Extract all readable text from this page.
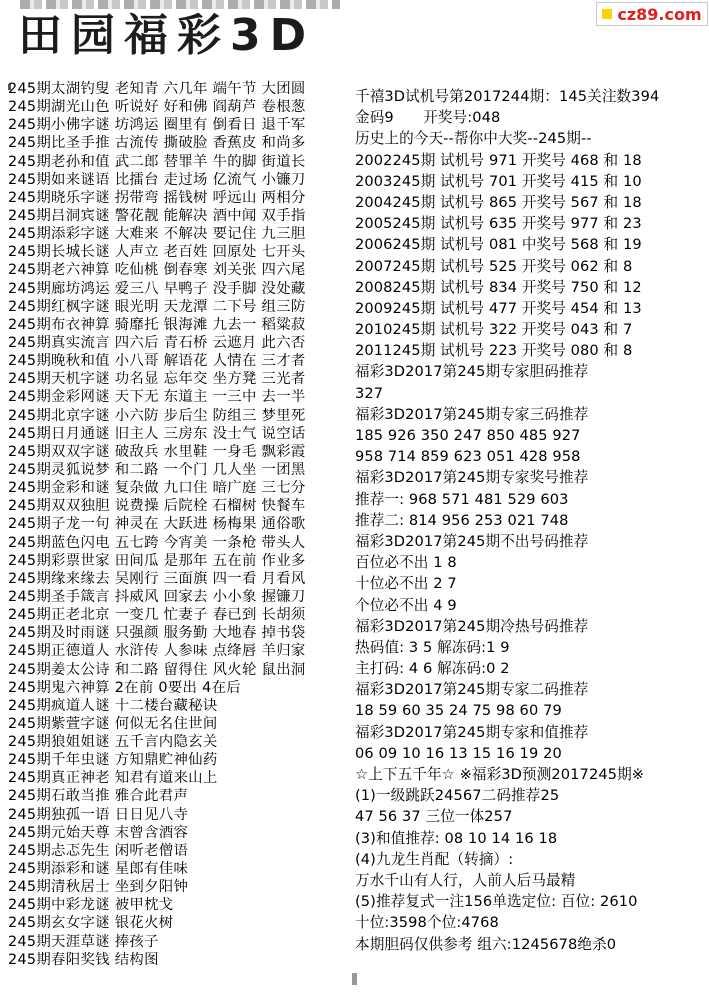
田园福彩3D	cz89.com
245期太湖钓叟 老知青 六几年 端午节 大团圆
245期湖光山色 听说好 好和佛 阎葫芦 卷根葱
245期小佛字谜 坊鸿运 圈里有 倒看日 退千军
245期比圣手推 古流传 撕破脸 香蕉皮 和尚多
245期老孙和值 武二郎 替罪羊 牛的脚 街道长
245期如来谜语 比擂台 走过场 亿流气 小镰刀
245期晓乐字谜 拐带弯 摇钱树 呼远山 两相分
245期吕洞宾谜 警花靓 能解决 酒中闻 双手指
245期添彩字谜 大难来 不解决 要记住 九三胆
245期长城长谜 人声立 老百姓 回原处 七开头
245期老六神算 吃仙桃 倒春寒 刘关张 四六尾
245期廊坊鸿运 爱三八 早鸭子 没手脚 没处藏
245期红枫字谜 眼光明 天龙潭 二下号 组三防
245期布衣神算 骑靡托 银海滩 九去一 稻粱菽
245期真实流言 四六后 青石桥 云遮月 此六否
245期晚秋和值 小八哥 解语花 人情在 三才者
245期天机字谜 功名显 忘年交 坐方凳 三光者
245期金彩网谜 天下无 东道主 一三中 去一半
245期北京字谜 小六防 步后尘 防组三 梦里死
245期日月通谜 旧主人 三房东 没士气 说空话
245期双双字谜 破敌兵 水里鞋 一身毛 飘彩霞
245期灵狐说梦 和二路 一个门 几人坐 一团黑
245期金彩和谜 复杂做 九口住 暗广庭 三七分
245期双双独胆 说费操 后院栓 石榴树 快餐车
245期子龙一句 神灵在 大跃进 杨梅果 通俗歌
245期蓝色闪电 五七跨 今宵美 一条枪 带头人
245期彩票世家 田间瓜 是那年 五在前 作业多
245期缘来缘去 吴刚行 三面旗 四一看 月看风
245期圣手箴言 抖威风 回家去 小小象 握镰刀
245期正老北京 一变几 忙妻子 春已到 长胡须
245期及时雨谜 只强颜 服务勤 大地春 掉书袋
245期正德道人 水浒传 人参味 点绛唇 羊归家
245期姜太公诗 和二路 留得住 风火轮 鼠出洞
245期鬼六神算 2在前 0要出 4在后
245期疯道人谜 十二楼台藏秘诀
245期紫萱字谜 何似无名住世间
245期狼姐姐谜 五千言内隐玄关
245期千年虫谜 方知鼎贮神仙药
245期真正神老 知君有道来山上
245期石敢当推 雅合此君声
245期独孤一语 日日见八寺
245期元始天尊 末曾含酒容
245期忐忑先生 闲听老僧语
245期添彩和谜 星郎有佳味
245期清秋居士 坐到夕阳钟
245期中彩龙谜 被甲枕戈
245期玄女字谜 银花火树
245期天涯草谜 捧孩子
245期春阳奖钱 结构图
千禧3D试机号第2017244期：145关注数394
金码9　　开奖号:048
历史上的今天--帮你中大奖--245期--
2002245期 试机号 971 开奖号 468 和 18
2003245期 试机号 701 开奖号 415 和 10
2004245期 试机号 865 开奖号 567 和 18
2005245期 试机号 635 开奖号 977 和 23
2006245期 试机号 081 中奖号 568 和 19
2007245期 试机号 525 开奖号 062 和 8
2008245期 试机号 834 开奖号 750 和 12
2009245期 试机号 477 开奖号 454 和 13
2010245期 试机号 322 开奖号 043 和 7
2011245期 试机号 223 开奖号 080 和 8
福彩3D2017第245期专家胆码推荐
327
福彩3D2017第245期专家三码推荐
185 926 350 247 850 485 927
958 714 859 623 051 428 958
福彩3D2017第245期专家奖号推荐
推荐一: 968 571 481 529 603
推荐二: 814 956 253 021 748
福彩3D2017第245期不出号码推荐
百位必不出 1 8
十位必不出 2 7
个位必不出 4 9
福彩3D2017第245期冷热号码推荐
热码值: 3 5 解冻码:1 9
主打码: 4 6 解冻码:0 2
福彩3D2017第245期专家二码推荐
18 59 60 35 24 75 98 60 79
福彩3D2017第245期专家和值推荐
06 09 10 16 13 15 16 19 20
☆上下五千年☆ ※福彩3D预测2017245期※
(1)一级跳跃24567二码推荐25
47 56 37 三位一体257
(3)和值推荐: 08 10 14 16 18
(4)九龙生肖配（转摘）:
万水千山有人行，人前人后马最精
(5)推荐复式一注156单选定位: 百位: 2610
十位:3598个位:4768
本期胆码仅供参考 组六:1245678绝杀0
